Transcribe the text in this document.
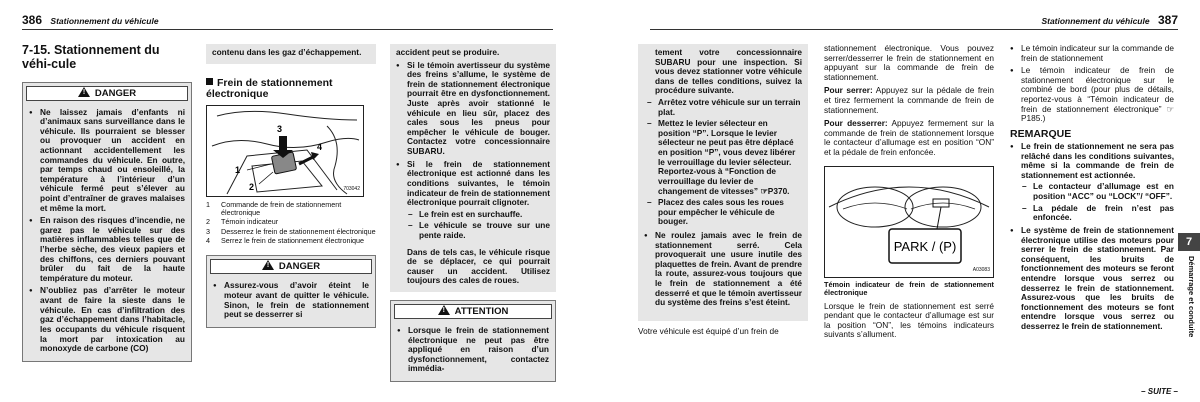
386 Stationnement du véhicule
7-15. Stationnement du véhi-cule
! DANGER
● Ne laissez jamais d’enfants ni d’animaux sans surveillance dans le véhicule. Ils pourraient se blesser ou provoquer un accident en actionnant accidentellement les commandes du véhicule. En outre, par temps chaud ou ensoleillé, la température à l’intérieur d’un véhicule fermé peut s’élever au point d’entraîner de graves malaises et même la mort.
● En raison des risques d’incendie, ne garez pas le véhicule sur des matières inflammables telles que de l’herbe sèche, des vieux papiers et des chiffons, ces derniers pouvant brûler du fait de la haute température du moteur.
● N’oubliez pas d’arrêter le moteur avant de faire la sieste dans le véhicule. En cas d’infiltration des gaz d’échappement dans l’habitacle, les occupants du véhicule risquent la mort par intoxication au monoxyde de carbone (CO)
contenu dans les gaz d’échappement.
Frein de stationnement électronique
1
2
3
4
703042
1 Commande de frein de stationnement électronique
2 Témoin indicateur
3 Desserrez le frein de stationnement électronique
4 Serrez le frein de stationnement électronique
! DANGER
● Assurez-vous d’avoir éteint le moteur avant de quitter le véhicule. Sinon, le frein de stationnement peut se desserrer si
accident peut se produire.
● Si le témoin avertisseur du système des freins s’allume, le système de frein de stationnement électronique pourrait être en dysfonctionnement. Juste après avoir stationné le véhicule en lieu sûr, placez des cales sous les pneus pour empêcher le véhicule de bouger. Contactez votre concessionnaire SUBARU.
● Si le frein de stationnement électronique est actionné dans les conditions suivantes, le témoin indicateur de frein de stationnement électronique pourrait clignoter.
– Le frein est en surchauffe.
– Le véhicule se trouve sur une pente raide.
Dans de tels cas, le véhicule risque de se déplacer, ce qui pourrait causer un accident. Utilisez toujours des cales de roues.
! ATTENTION
● Lorsque le frein de stationnement électronique ne peut pas être appliqué en raison d’un dysfonctionnement, contactez immédia-
Stationnement du véhicule 387
tement votre concessionnaire SUBARU pour une inspection. Si vous devez stationner votre véhicule dans de telles conditions, suivez la procédure suivante.
– Arrêtez votre véhicule sur un terrain plat.
– Mettez le levier sélecteur en position “P”. Lorsque le levier sélecteur ne peut pas être déplacé en position “P”, vous devez libérer le verrouillage du levier sélecteur. Reportez-vous à “Fonction de verrouillage du levier de changement de vitesses” ☞P370.
– Placez des cales sous les roues pour empêcher le véhicule de bouger.
● Ne roulez jamais avec le frein de stationnement serré. Cela provoquerait une usure inutile des plaquettes de frein. Avant de prendre la route, assurez-vous toujours que le frein de stationnement a été desserré et que le témoin avertisseur du système des freins s’est éteint.

Votre véhicule est équipé d’un frein de

stationnement électronique. Vous pouvez serrer/desserrer le frein de stationnement en appuyant sur la commande de frein de stationnement.

Pour serrer: Appuyez sur la pédale de frein et tirez fermement la commande de frein de stationnement.

Pour desserrer: Appuyez fermement sur la commande de frein de stationnement lorsque le contacteur d’allumage est en position “ON” et la pédale de frein enfoncée.

PARK / (P)
A03083

Témoin indicateur de frein de stationnement électronique

Lorsque le frein de stationnement est serré pendant que le contacteur d’allumage est sur la position “ON”, les témoins indicateurs suivants s’allument.

● Le témoin indicateur sur la commande de frein de stationnement
● Le témoin indicateur de frein de stationnement électronique sur le combiné de bord (pour plus de détails, reportez-vous à “Témoin indicateur de frein de stationnement électronique” ☞P185.)
REMARQUE
● Le frein de stationnement ne sera pas relâché dans les conditions suivantes, même si la commande de frein de stationnement est actionnée.
– Le contacteur d’allumage est en position “ACC” ou “LOCK”/ “OFF”.
– La pédale de frein n’est pas enfoncée.
● Le système de frein de stationnement électronique utilise des moteurs pour serrer le frein de stationnement. Par conséquent, les bruits de fonctionnement des moteurs se feront entendre lorsque vous serrez ou desserrez le frein de stationnement. Assurez-vous que les bruits de fonctionnement des moteurs se font entendre lorsque vous serrez ou desserrez le frein de stationnement.
7
Démarrage et conduite
– SUITE –
